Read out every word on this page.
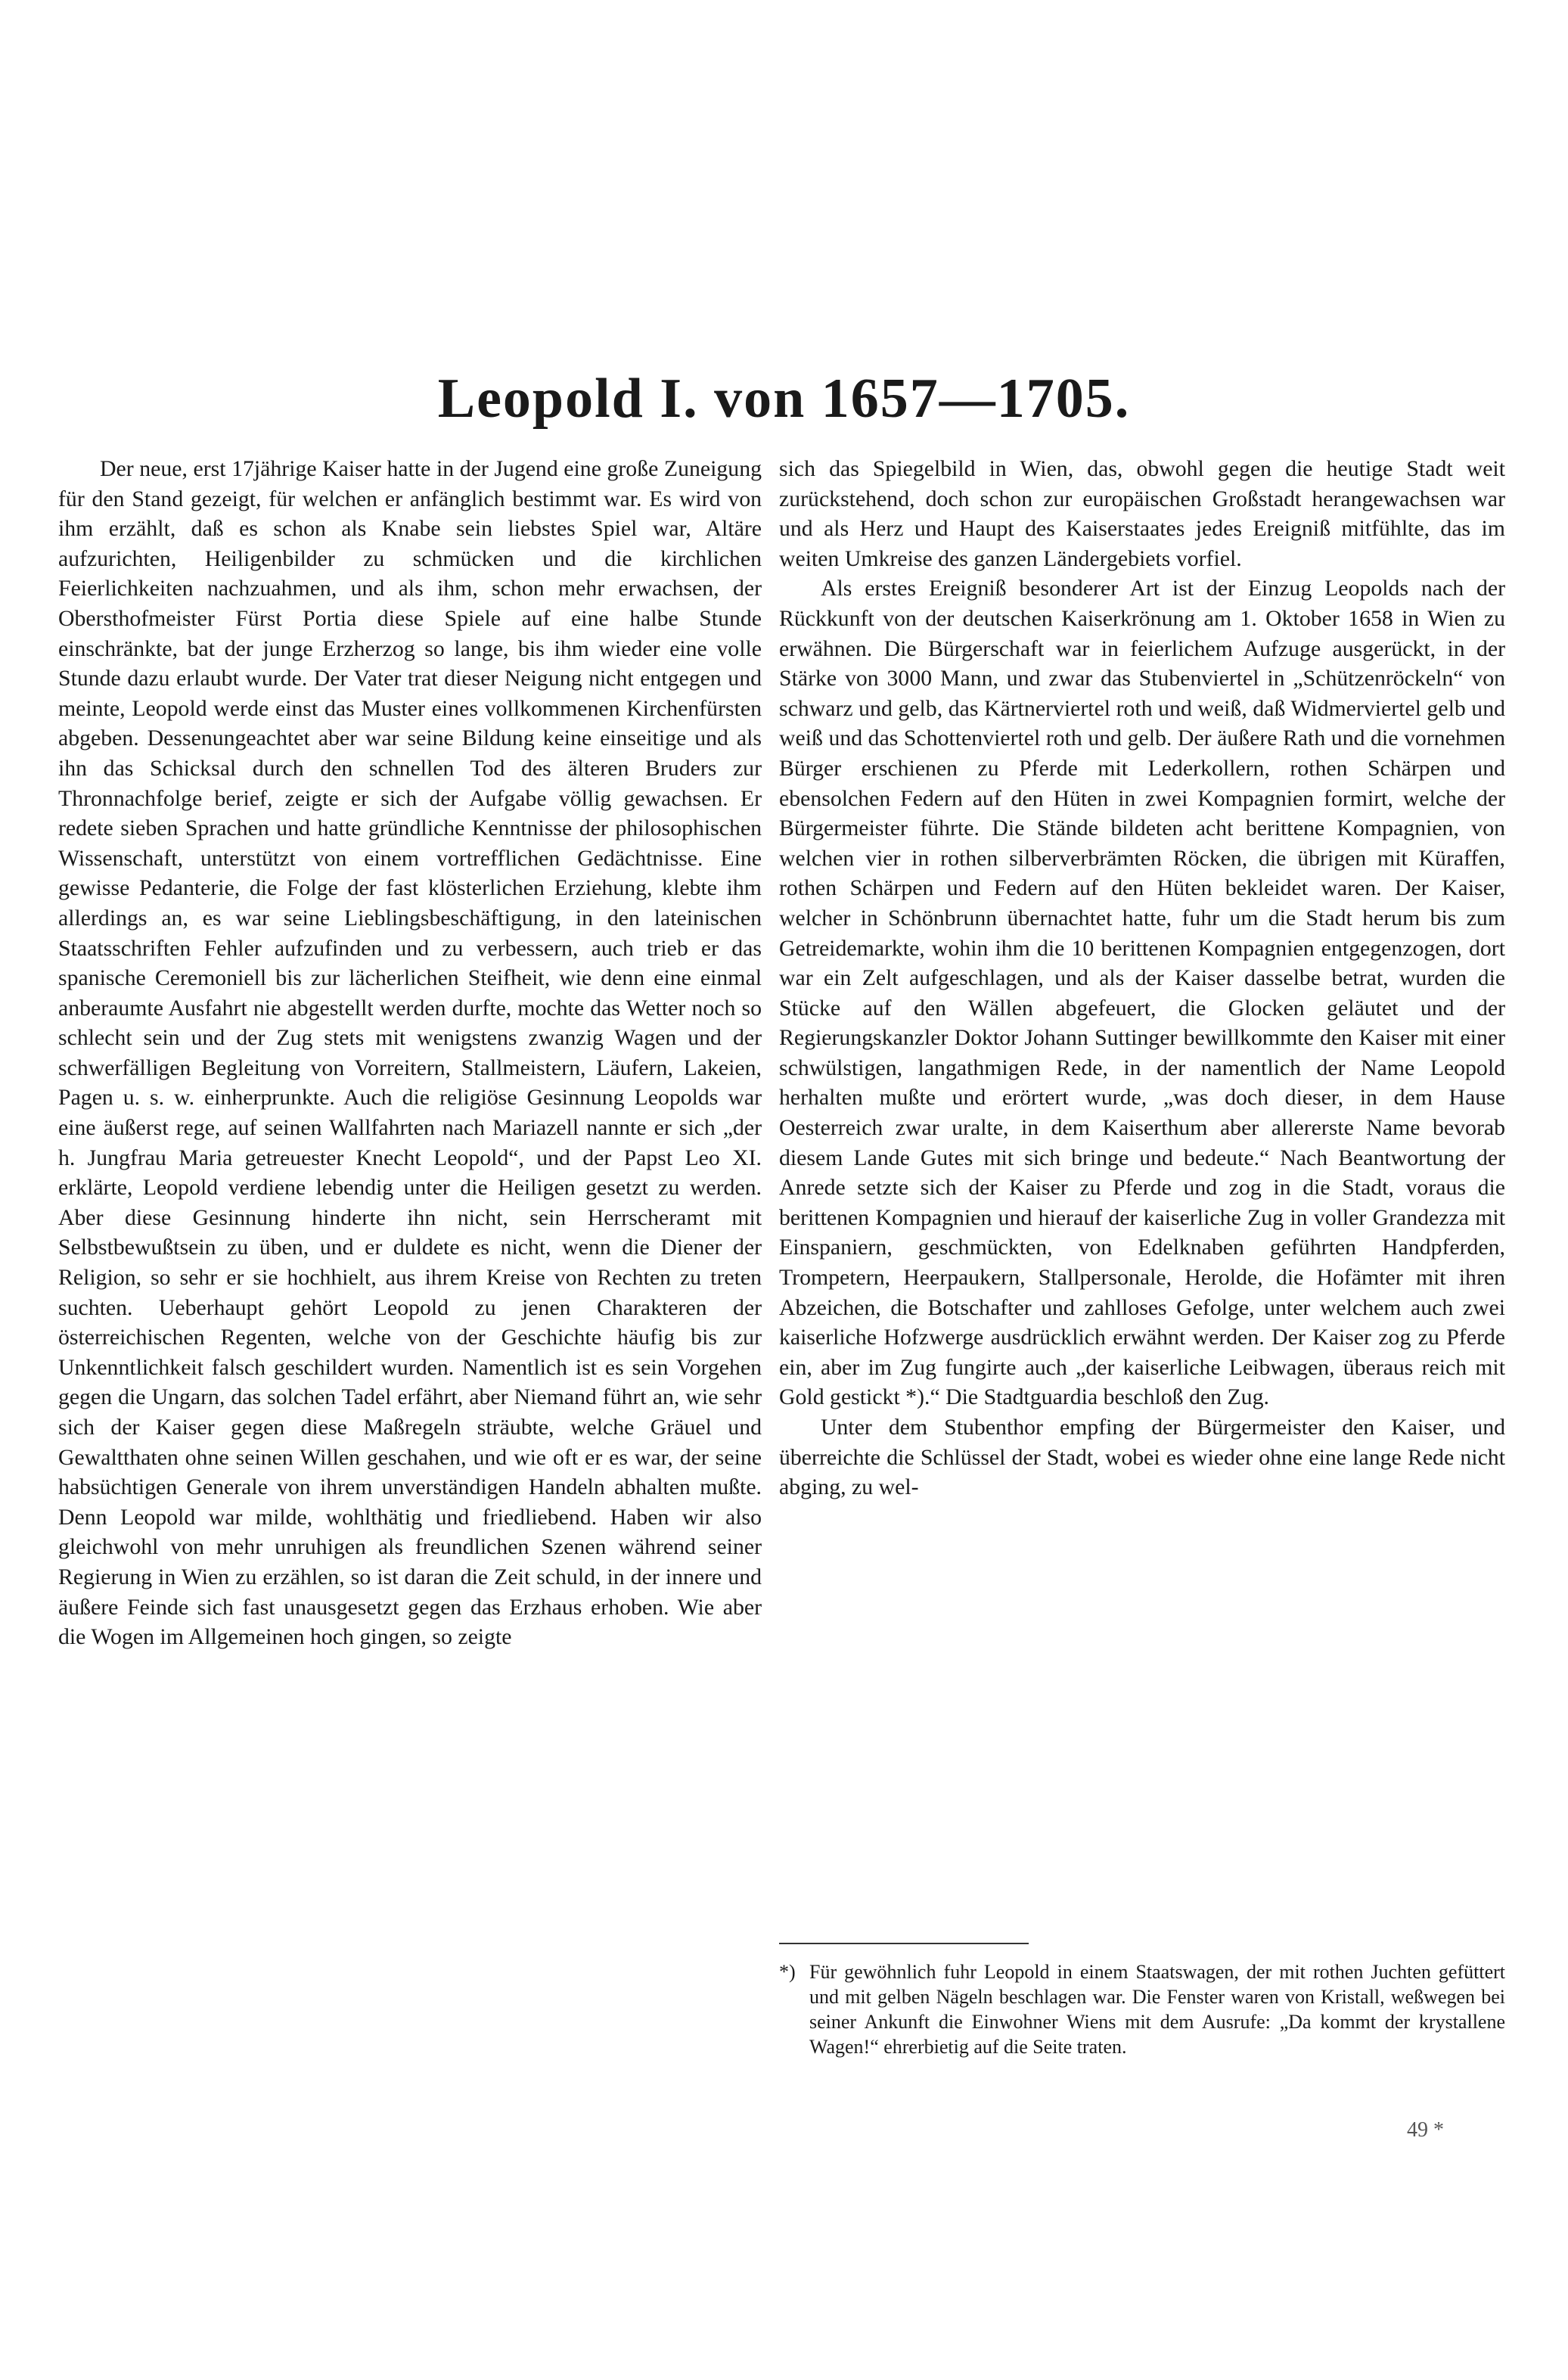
Leopold I. von 1657—1705.

Der neue, erst 17jährige Kaiser hatte in der Jugend eine große Zuneigung für den Stand gezeigt, für welchen er anfänglich bestimmt war. Es wird von ihm erzählt, daß es schon als Knabe sein liebstes Spiel war, Altäre aufzurichten, Heiligenbilder zu schmücken und die kirchlichen Feierlichkeiten nachzuahmen, und als ihm, schon mehr erwachsen, der Obersthofmeister Fürst Portia diese Spiele auf eine halbe Stunde einschränkte, bat der junge Erzherzog so lange, bis ihm wieder eine volle Stunde dazu erlaubt wurde. Der Vater trat dieser Neigung nicht entgegen und meinte, Leopold werde einst das Muster eines vollkommenen Kirchenfürsten abgeben. Dessenungeachtet aber war seine Bildung keine einseitige und als ihn das Schicksal durch den schnellen Tod des älteren Bruders zur Thronnachfolge berief, zeigte er sich der Aufgabe völlig gewachsen. Er redete sieben Sprachen und hatte gründliche Kenntnisse der philosophischen Wissenschaft, unterstützt von einem vortrefflichen Gedächtnisse. Eine gewisse Pedanterie, die Folge der fast klösterlichen Erziehung, klebte ihm allerdings an, es war seine Lieblingsbeschäftigung, in den lateinischen Staatsschriften Fehler aufzufinden und zu verbessern, auch trieb er das spanische Ceremoniell bis zur lächerlichen Steifheit, wie denn eine einmal anberaumte Ausfahrt nie abgestellt werden durfte, mochte das Wetter noch so schlecht sein und der Zug stets mit wenigstens zwanzig Wagen und der schwerfälligen Begleitung von Vorreitern, Stallmeistern, Läufern, Lakeien, Pagen u. s. w. einherprunkte. Auch die religiöse Gesinnung Leopolds war eine äußerst rege, auf seinen Wallfahrten nach Mariazell nannte er sich „der h. Jungfrau Maria getreuester Knecht Leopold“, und der Papst Leo XI. erklärte, Leopold verdiene lebendig unter die Heiligen gesetzt zu werden. Aber diese Gesinnung hinderte ihn nicht, sein Herrscheramt mit Selbstbewußtsein zu üben, und er duldete es nicht, wenn die Diener der Religion, so sehr er sie hochhielt, aus ihrem Kreise von Rechten zu treten suchten. Ueberhaupt gehört Leopold zu jenen Charakteren der österreichischen Regenten, welche von der Geschichte häufig bis zur Unkenntlichkeit falsch geschildert wurden. Namentlich ist es sein Vorgehen gegen die Ungarn, das solchen Tadel erfährt, aber Niemand führt an, wie sehr sich der Kaiser gegen diese Maßregeln sträubte, welche Gräuel und Gewaltthaten ohne seinen Willen geschahen, und wie oft er es war, der seine habsüchtigen Generale von ihrem unverständigen Handeln abhalten mußte. Denn Leopold war milde, wohlthätig und friedliebend. Haben wir also gleichwohl von mehr unruhigen als freundlichen Szenen während seiner Regierung in Wien zu erzählen, so ist daran die Zeit schuld, in der innere und äußere Feinde sich fast unausgesetzt gegen das Erzhaus erhoben. Wie aber die Wogen im Allgemeinen hoch gingen, so zeigte

sich das Spiegelbild in Wien, das, obwohl gegen die heutige Stadt weit zurückstehend, doch schon zur europäischen Großstadt herangewachsen war und als Herz und Haupt des Kaiserstaates jedes Ereigniß mitfühlte, das im weiten Umkreise des ganzen Ländergebiets vorfiel.

Als erstes Ereigniß besonderer Art ist der Einzug Leopolds nach der Rückkunft von der deutschen Kaiserkrönung am 1. Oktober 1658 in Wien zu erwähnen. Die Bürgerschaft war in feierlichem Aufzuge ausgerückt, in der Stärke von 3000 Mann, und zwar das Stubenviertel in „Schützenröckeln“ von schwarz und gelb, das Kärtnerviertel roth und weiß, daß Widmerviertel gelb und weiß und das Schottenviertel roth und gelb. Der äußere Rath und die vornehmen Bürger erschienen zu Pferde mit Lederkollern, rothen Schärpen und ebensolchen Federn auf den Hüten in zwei Kompagnien formirt, welche der Bürgermeister führte. Die Stände bildeten acht berittene Kompagnien, von welchen vier in rothen silberverbrämten Röcken, die übrigen mit Küraffen, rothen Schärpen und Federn auf den Hüten bekleidet waren. Der Kaiser, welcher in Schönbrunn übernachtet hatte, fuhr um die Stadt herum bis zum Getreidemarkte, wohin ihm die 10 berittenen Kompagnien entgegenzogen, dort war ein Zelt aufgeschlagen, und als der Kaiser dasselbe betrat, wurden die Stücke auf den Wällen abgefeuert, die Glocken geläutet und der Regierungskanzler Doktor Johann Suttinger bewillkommte den Kaiser mit einer schwülstigen, langathmigen Rede, in der namentlich der Name Leopold herhalten mußte und erörtert wurde, „was doch dieser, in dem Hause Oesterreich zwar uralte, in dem Kaiserthum aber allererste Name bevorab diesem Lande Gutes mit sich bringe und bedeute.“ Nach Beantwortung der Anrede setzte sich der Kaiser zu Pferde und zog in die Stadt, voraus die berittenen Kompagnien und hierauf der kaiserliche Zug in voller Grandezza mit Einspaniern, geschmückten, von Edelknaben geführten Handpferden, Trompetern, Heerpaukern, Stallpersonale, Herolde, die Hofämter mit ihren Abzeichen, die Botschafter und zahlloses Gefolge, unter welchem auch zwei kaiserliche Hofzwerge ausdrücklich erwähnt werden. Der Kaiser zog zu Pferde ein, aber im Zug fungirte auch „der kaiserliche Leibwagen, überaus reich mit Gold gestickt *).“ Die Stadtguardia beschloß den Zug.

Unter dem Stubenthor empfing der Bürgermeister den Kaiser, und überreichte die Schlüssel der Stadt, wobei es wieder ohne eine lange Rede nicht abging, zu wel-

*) Für gewöhnlich fuhr Leopold in einem Staatswagen, der mit rothen Juchten gefüttert und mit gelben Nägeln beschlagen war. Die Fenster waren von Kristall, weßwegen bei seiner Ankunft die Einwohner Wiens mit dem Ausrufe: „Da kommt der krystallene Wagen!“ ehrerbietig auf die Seite traten.
49 *
